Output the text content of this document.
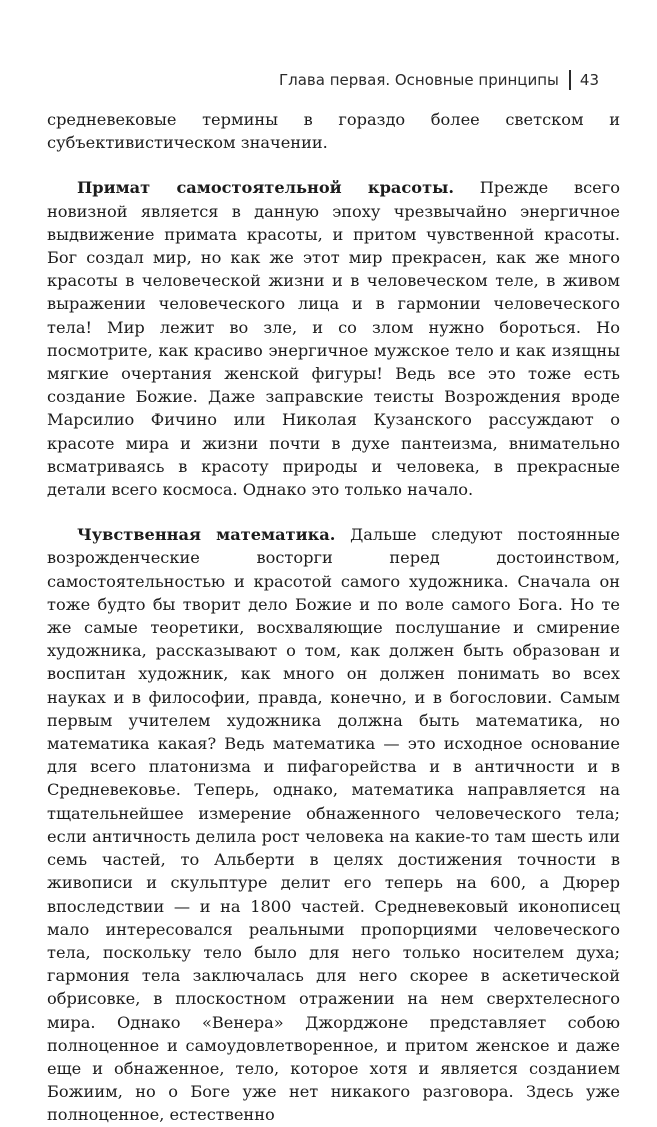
Глава первая. Основные принципы 43

средневековые термины в гораздо более светском и субъективистическом значении.

Примат самостоятельной красоты. Прежде всего новизной является в данную эпоху чрезвычайно энергичное выдвижение примата красоты, и притом чувственной красоты. Бог создал мир, но как же этот мир прекрасен, как же много красоты в человеческой жизни и в человеческом теле, в живом выражении человеческого лица и в гармонии человеческого тела! Мир лежит во зле, и со злом нужно бороться. Но посмотрите, как красиво энергичное мужское тело и как изящны мягкие очертания женской фигуры! Ведь все это тоже есть создание Божие. Даже заправские теисты Возрождения вроде Марсилио Фичино или Николая Кузанского рассуждают о красоте мира и жизни почти в духе пантеизма, внимательно всматриваясь в красоту природы и человека, в прекрасные детали всего космоса. Однако это только начало.

Чувственная математика. Дальше следуют постоянные возрожденческие восторги перед достоинством, самостоятельностью и красотой самого художника. Сначала он тоже будто бы творит дело Божие и по воле самого Бога. Но те же самые теоретики, восхваляющие послушание и смирение художника, рассказывают о том, как должен быть образован и воспитан художник, как много он должен понимать во всех науках и в философии, правда, конечно, и в богословии. Самым первым учителем художника должна быть математика, но математика какая? Ведь математика — это исходное основание для всего платонизма и пифагорейства и в античности и в Средневековье. Теперь, однако, математика направляется на тщательнейшее измерение обнаженного человеческого тела; если античность делила рост человека на какие-то там шесть или семь частей, то Альберти в целях достижения точности в живописи и скульптуре делит его теперь на 600, а Дюрер впоследствии — и на 1800 частей. Средневековый иконописец мало интересовался реальными пропорциями человеческого тела, поскольку тело было для него только носителем духа; гармония тела заключалась для него скорее в аскетической обрисовке, в плоскостном отражении на нем сверхтелесного мира. Однако «Венера» Джорджоне представляет собою полноценное и самоудовлетворенное, и притом женское и даже еще и обнаженное, тело, которое хотя и является созданием Божиим, но о Боге уже нет никакого разговора. Здесь уже полноценное, естественно
